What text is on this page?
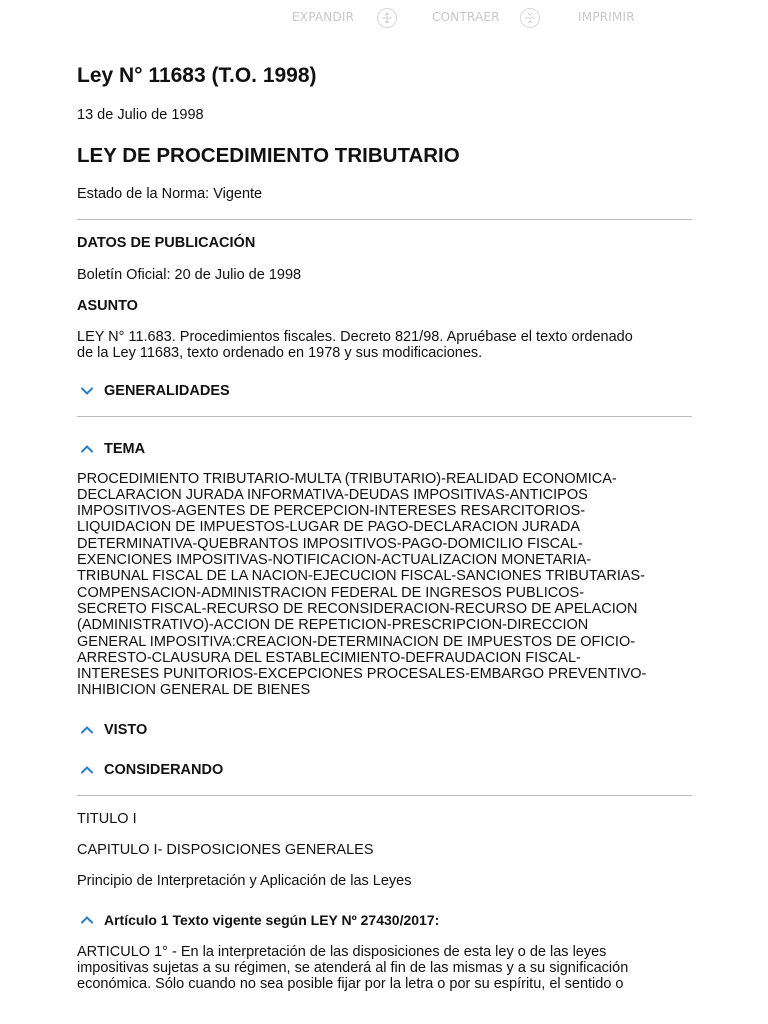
EXPANDIR	CONTRAER	IMPRIMIR
Ley N° 11683 (T.O. 1998)
13 de Julio de 1998
LEY DE PROCEDIMIENTO TRIBUTARIO
Estado de la Norma: Vigente
DATOS DE PUBLICACIÓN
Boletín Oficial: 20 de Julio de 1998
ASUNTO
LEY N° 11.683. Procedimientos fiscales. Decreto 821/98. Apruébase el texto ordenado
de la Ley 11683, texto ordenado en 1978 y sus modificaciones.
GENERALIDADES
TEMA
PROCEDIMIENTO TRIBUTARIO-MULTA (TRIBUTARIO)-REALIDAD ECONOMICA-
DECLARACION JURADA INFORMATIVA-DEUDAS IMPOSITIVAS-ANTICIPOS
IMPOSITIVOS-AGENTES DE PERCEPCION-INTERESES RESARCITORIOS-
LIQUIDACION DE IMPUESTOS-LUGAR DE PAGO-DECLARACION JURADA
DETERMINATIVA-QUEBRANTOS IMPOSITIVOS-PAGO-DOMICILIO FISCAL-
EXENCIONES IMPOSITIVAS-NOTIFICACION-ACTUALIZACION MONETARIA-
TRIBUNAL FISCAL DE LA NACION-EJECUCION FISCAL-SANCIONES TRIBUTARIAS-
COMPENSACION-ADMINISTRACION FEDERAL DE INGRESOS PUBLICOS-
SECRETO FISCAL-RECURSO DE RECONSIDERACION-RECURSO DE APELACION
(ADMINISTRATIVO)-ACCION DE REPETICION-PRESCRIPCION-DIRECCION
GENERAL IMPOSITIVA:CREACION-DETERMINACION DE IMPUESTOS DE OFICIO-
ARRESTO-CLAUSURA DEL ESTABLECIMIENTO-DEFRAUDACION FISCAL-
INTERESES PUNITORIOS-EXCEPCIONES PROCESALES-EMBARGO PREVENTIVO-
INHIBICION GENERAL DE BIENES
VISTO
CONSIDERANDO
TITULO I
CAPITULO I- DISPOSICIONES GENERALES
Principio de Interpretación y Aplicación de las Leyes
Artículo 1 Texto vigente según LEY Nº 27430/2017:
ARTICULO 1° - En la interpretación de las disposiciones de esta ley o de las leyes
impositivas sujetas a su régimen, se atenderá al fin de las mismas y a su significación
económica. Sólo cuando no sea posible fijar por la letra o por su espíritu, el sentido o
